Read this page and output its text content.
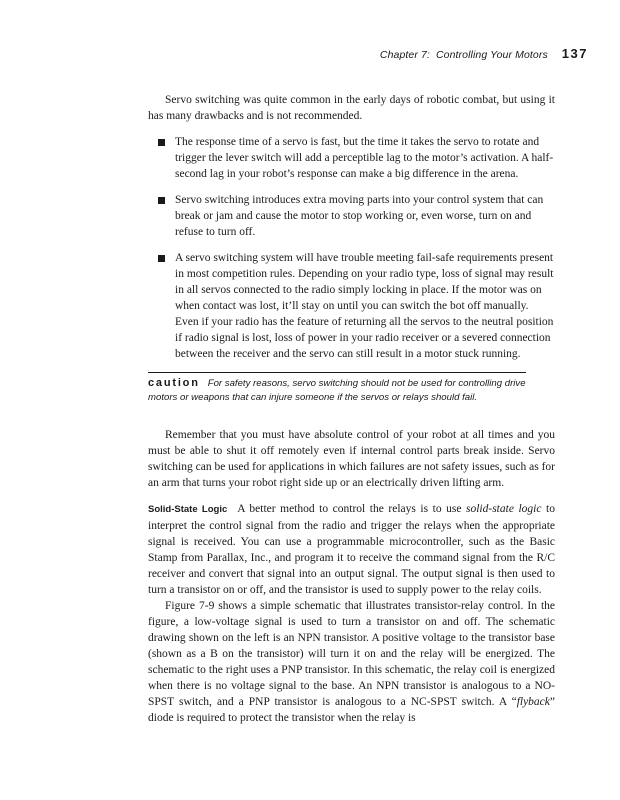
Chapter 7:
Controlling Your Motors 137

Servo switching was quite common in the early days of robotic combat, but using it has many drawbacks and is not recommended.

The response time of a servo is fast, but the time it takes the servo to rotate and trigger the lever switch will add a perceptible lag to the motor’s activation. A half-second lag in your robot’s response can make a big difference in the arena.
Servo switching introduces extra moving parts into your control system that can break or jam and cause the motor to stop working or, even worse, turn on and refuse to turn off.
A servo switching system will have trouble meeting fail-safe requirements present in most competition rules. Depending on your radio type, loss of signal may result in all servos connected to the radio simply locking in place. If the motor was on when contact was lost, it’ll stay on until you can switch the bot off manually. Even if your radio has the feature of returning all the servos to the neutral position if radio signal is lost, loss of power in your radio receiver or a severed connection between the receiver and the servo can still result in a motor stuck running.
caution For safety reasons, servo switching should not be used for controlling drive motors or weapons that can injure someone if the servos or relays should fail.

Remember that you must have absolute control of your robot at all times and you must be able to shut it off remotely even if internal control parts break inside. Servo switching can be used for applications in which failures are not safety issues, such as for an arm that turns your robot right side up or an electrically driven lifting arm.

Solid-State Logic A better method to control the relays is to use solid-state logic to interpret the control signal from the radio and trigger the relays when the appropriate signal is received. You can use a programmable microcontroller, such as the Basic Stamp from Parallax, Inc., and program it to receive the command signal from the R/C receiver and convert that signal into an output signal. The output signal is then used to turn a transistor on or off, and the transistor is used to supply power to the relay coils.

Figure 7-9 shows a simple schematic that illustrates transistor-relay control. In the figure, a low-voltage signal is used to turn a transistor on and off. The schematic drawing shown on the left is an NPN transistor. A positive voltage to the transistor base (shown as a B on the transistor) will turn it on and the relay will be energized. The schematic to the right uses a PNP transistor. In this schematic, the relay coil is energized when there is no voltage signal to the base. An NPN transistor is analogous to a NO-SPST switch, and a PNP transistor is analogous to a NC-SPST switch. A “flyback” diode is required to protect the transistor when the relay is
